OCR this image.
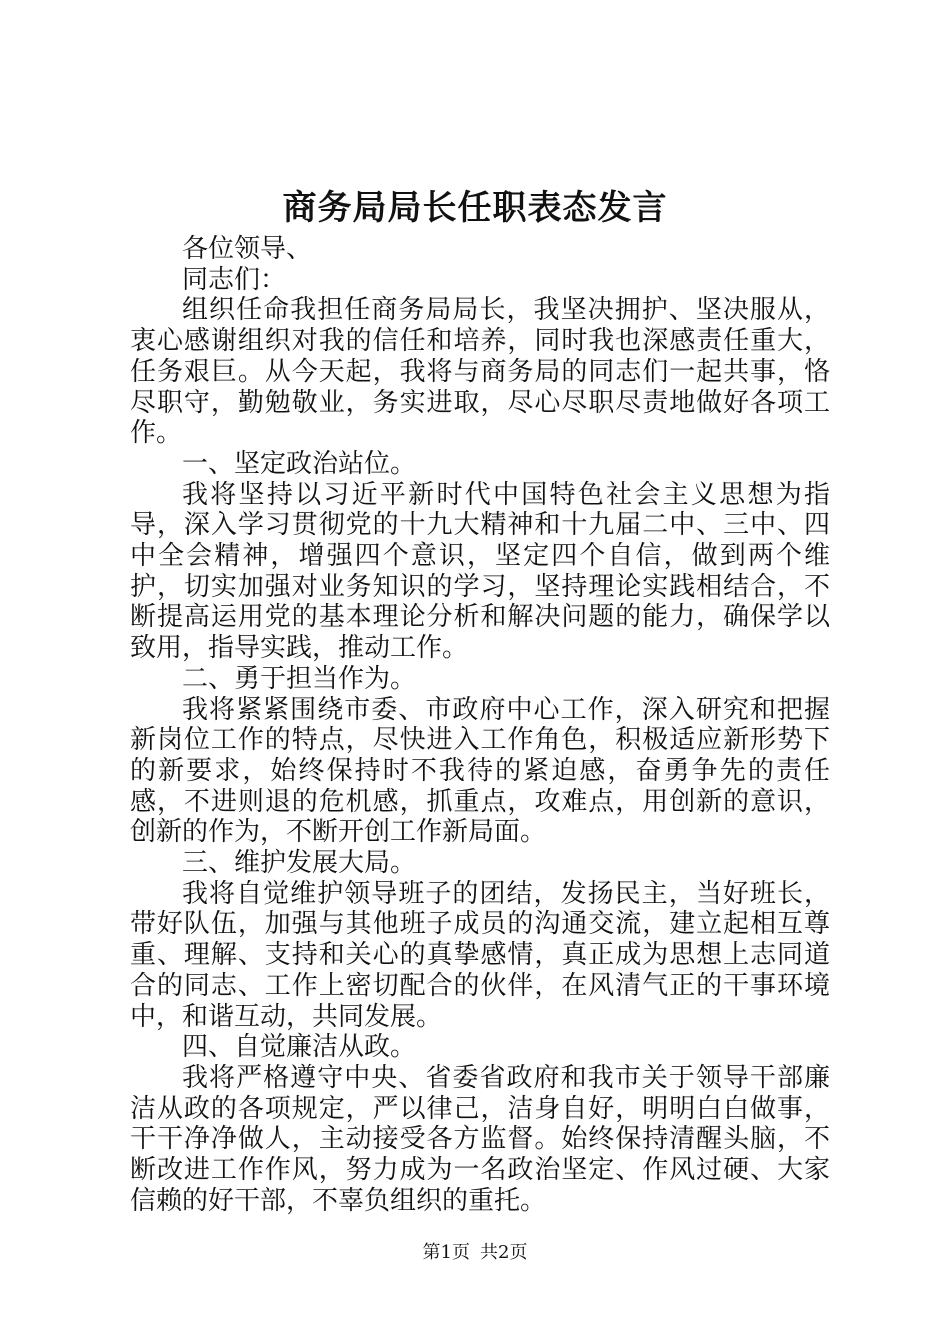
商务局局长任职表态发言

各位领导、

同志们：

组织任命我担任商务局局长，我坚决拥护、坚决服从，衷心感谢组织对我的信任和培养，同时我也深感责任重大，任务艰巨。从今天起，我将与商务局的同志们一起共事，恪尽职守，勤勉敬业，务实进取，尽心尽职尽责地做好各项工作。

一、坚定政治站位。

我将坚持以习近平新时代中国特色社会主义思想为指导，深入学习贯彻党的十九大精神和十九届二中、三中、四中全会精神，增强四个意识，坚定四个自信，做到两个维护，切实加强对业务知识的学习，坚持理论实践相结合，不断提高运用党的基本理论分析和解决问题的能力，确保学以致用，指导实践，推动工作。

二、勇于担当作为。

我将紧紧围绕市委、市政府中心工作，深入研究和把握新岗位工作的特点，尽快进入工作角色，积极适应新形势下的新要求，始终保持时不我待的紧迫感，奋勇争先的责任感，不进则退的危机感，抓重点，攻难点，用创新的意识，创新的作为，不断开创工作新局面。

三、维护发展大局。

我将自觉维护领导班子的团结，发扬民主，当好班长，带好队伍，加强与其他班子成员的沟通交流，建立起相互尊重、理解、支持和关心的真挚感情，真正成为思想上志同道合的同志、工作上密切配合的伙伴，在风清气正的干事环境中，和谐互动，共同发展。

四、自觉廉洁从政。

我将严格遵守中央、省委省政府和我市关于领导干部廉洁从政的各项规定，严以律己，洁身自好，明明白白做事，干干净净做人，主动接受各方监督。始终保持清醒头脑，不断改进工作作风，努力成为一名政治坚定、作风过硬、大家信赖的好干部，不辜负组织的重托。

第1页 共2页
